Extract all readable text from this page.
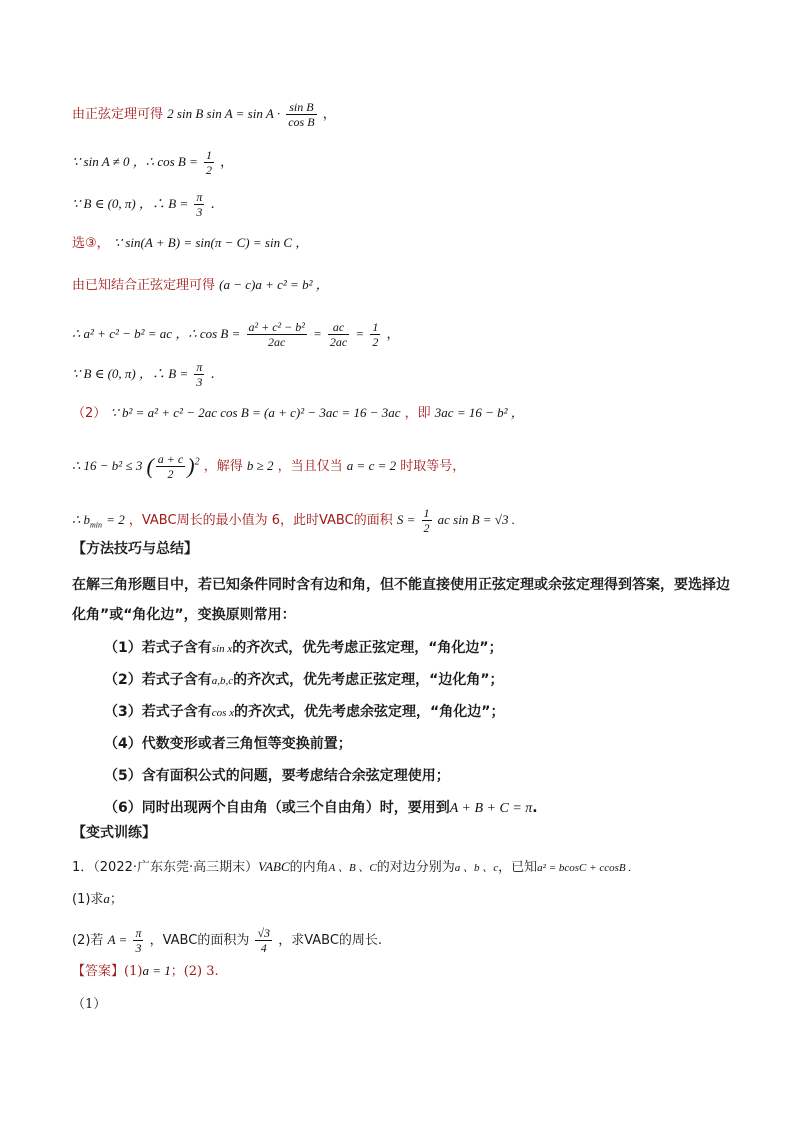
由正弦定理可得 2 sin B $\sin A = \sin A \cdot \frac{\text{sin B}}{\text{cos B}}$ ，
∵ sin A ≠ 0 ，∴ $\cos B = \frac{1}{2}$ ，
∵ B ∈ (0, π) ，∴ $B = \frac{\pi}{3}$ .
选③， ∵ sin(A + B) = sin(π − C) = sin C ，
由已知结合正弦定理可得 (a − c)a + c² = b² ，
∴ a² + c² − b² = ac ，∴ $\cos B = \frac{\text{a² + c² − b²}}{2ac} = \frac{ac}{2ac} = \frac{1}{2}$ ，
∵ B ∈ (0, π) ，∴ $B = \frac{\pi}{3}$ .
（2） ∵ b² = a² + c² − 2ac cos B = (a + c)² − 3ac = 16 − 3ac ，即 3ac = 16 − b² ，
∴ 16 − b² ≤ 3 ( $\frac{a + c}{2} )^2$ ，解得 b ≥ 2 ，当且仅当 a = c = 2 时取等号，
∴ $b_{min} = 2$ ，VABC周长的最小值为 6，此时VABC的面积 $S = \frac{1}{2}$ ac sin B = √3 .
【方法技巧与总结】
在解三角形题目中，若已知条件同时含有边和角，但不能直接使用正弦定理或余弦定理得到答案，要选择边化角”或“角化边”，变换原则常用：
（1）若式子含有sin x的齐次式，优先考虑正弦定理，“角化边”；
（2）若式子含有a,b,c的齐次式，优先考虑正弦定理，“边化角”；
（3）若式子含有cos x的齐次式，优先考虑余弦定理，“角化边”；
（4）代数变形或者三角恒等变换前置；
（5）含有面积公式的问题，要考虑结合余弦定理使用；
（6）同时出现两个自由角（或三个自由角）时，要用到A + B + C = π.
【变式训练】
1．（2022·广东东莞·高三期末）VABC的内角A 、B 、C的对边分别为a 、b 、c，已知a² = bcosC + ccosB .
(1)求a；
(2)若 $A = \frac{\pi}{3}$ ，VABC的面积为 $\frac{√3}{4}$ ，求VABC的周长.
【答案】(1)a = 1；(2) 3.
（1）
